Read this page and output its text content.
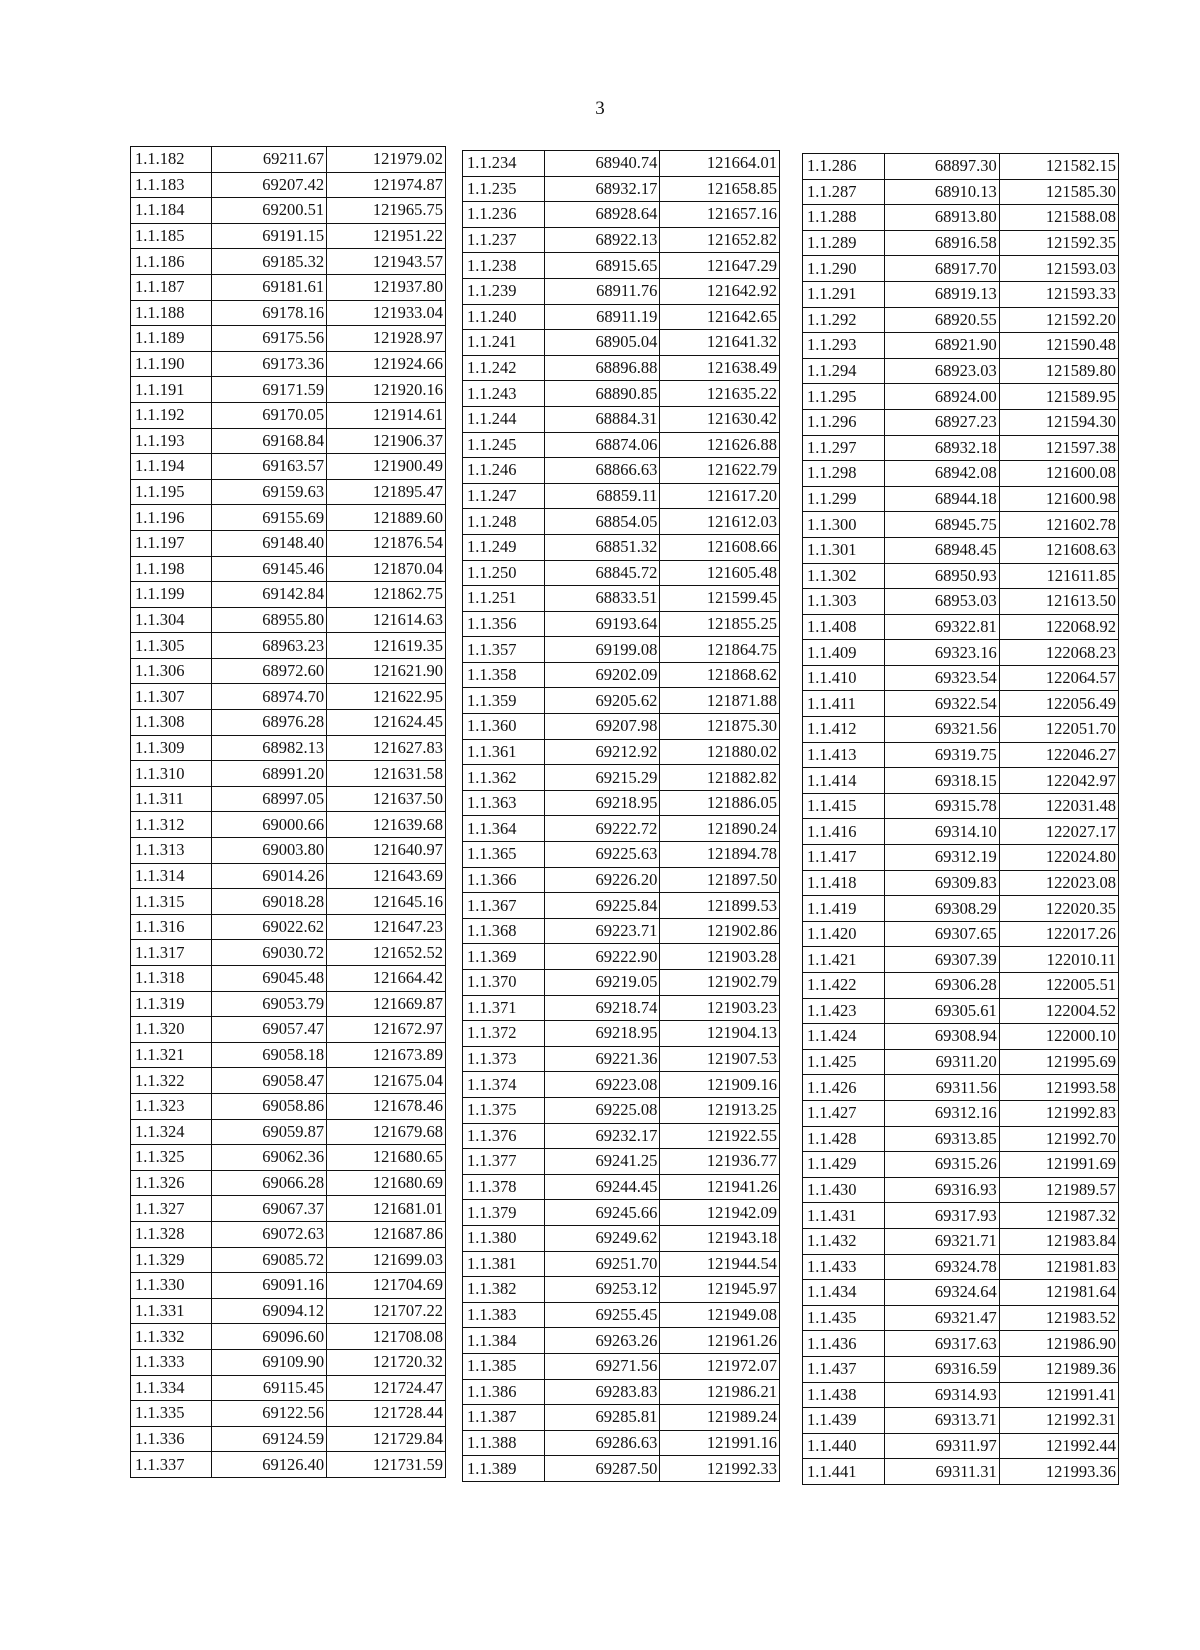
3
1.1.182	69211.67	121979.02
1.1.183	69207.42	121974.87
1.1.184	69200.51	121965.75
1.1.185	69191.15	121951.22
1.1.186	69185.32	121943.57
1.1.187	69181.61	121937.80
1.1.188	69178.16	121933.04
1.1.189	69175.56	121928.97
1.1.190	69173.36	121924.66
1.1.191	69171.59	121920.16
1.1.192	69170.05	121914.61
1.1.193	69168.84	121906.37
1.1.194	69163.57	121900.49
1.1.195	69159.63	121895.47
1.1.196	69155.69	121889.60
1.1.197	69148.40	121876.54
1.1.198	69145.46	121870.04
1.1.199	69142.84	121862.75
1.1.304	68955.80	121614.63
1.1.305	68963.23	121619.35
1.1.306	68972.60	121621.90
1.1.307	68974.70	121622.95
1.1.308	68976.28	121624.45
1.1.309	68982.13	121627.83
1.1.310	68991.20	121631.58
1.1.311	68997.05	121637.50
1.1.312	69000.66	121639.68
1.1.313	69003.80	121640.97
1.1.314	69014.26	121643.69
1.1.315	69018.28	121645.16
1.1.316	69022.62	121647.23
1.1.317	69030.72	121652.52
1.1.318	69045.48	121664.42
1.1.319	69053.79	121669.87
1.1.320	69057.47	121672.97
1.1.321	69058.18	121673.89
1.1.322	69058.47	121675.04
1.1.323	69058.86	121678.46
1.1.324	69059.87	121679.68
1.1.325	69062.36	121680.65
1.1.326	69066.28	121680.69
1.1.327	69067.37	121681.01
1.1.328	69072.63	121687.86
1.1.329	69085.72	121699.03
1.1.330	69091.16	121704.69
1.1.331	69094.12	121707.22
1.1.332	69096.60	121708.08
1.1.333	69109.90	121720.32
1.1.334	69115.45	121724.47
1.1.335	69122.56	121728.44
1.1.336	69124.59	121729.84
1.1.337	69126.40	121731.59
1.1.234	68940.74	121664.01
1.1.235	68932.17	121658.85
1.1.236	68928.64	121657.16
1.1.237	68922.13	121652.82
1.1.238	68915.65	121647.29
1.1.239	68911.76	121642.92
1.1.240	68911.19	121642.65
1.1.241	68905.04	121641.32
1.1.242	68896.88	121638.49
1.1.243	68890.85	121635.22
1.1.244	68884.31	121630.42
1.1.245	68874.06	121626.88
1.1.246	68866.63	121622.79
1.1.247	68859.11	121617.20
1.1.248	68854.05	121612.03
1.1.249	68851.32	121608.66
1.1.250	68845.72	121605.48
1.1.251	68833.51	121599.45
1.1.356	69193.64	121855.25
1.1.357	69199.08	121864.75
1.1.358	69202.09	121868.62
1.1.359	69205.62	121871.88
1.1.360	69207.98	121875.30
1.1.361	69212.92	121880.02
1.1.362	69215.29	121882.82
1.1.363	69218.95	121886.05
1.1.364	69222.72	121890.24
1.1.365	69225.63	121894.78
1.1.366	69226.20	121897.50
1.1.367	69225.84	121899.53
1.1.368	69223.71	121902.86
1.1.369	69222.90	121903.28
1.1.370	69219.05	121902.79
1.1.371	69218.74	121903.23
1.1.372	69218.95	121904.13
1.1.373	69221.36	121907.53
1.1.374	69223.08	121909.16
1.1.375	69225.08	121913.25
1.1.376	69232.17	121922.55
1.1.377	69241.25	121936.77
1.1.378	69244.45	121941.26
1.1.379	69245.66	121942.09
1.1.380	69249.62	121943.18
1.1.381	69251.70	121944.54
1.1.382	69253.12	121945.97
1.1.383	69255.45	121949.08
1.1.384	69263.26	121961.26
1.1.385	69271.56	121972.07
1.1.386	69283.83	121986.21
1.1.387	69285.81	121989.24
1.1.388	69286.63	121991.16
1.1.389	69287.50	121992.33
1.1.286	68897.30	121582.15
1.1.287	68910.13	121585.30
1.1.288	68913.80	121588.08
1.1.289	68916.58	121592.35
1.1.290	68917.70	121593.03
1.1.291	68919.13	121593.33
1.1.292	68920.55	121592.20
1.1.293	68921.90	121590.48
1.1.294	68923.03	121589.80
1.1.295	68924.00	121589.95
1.1.296	68927.23	121594.30
1.1.297	68932.18	121597.38
1.1.298	68942.08	121600.08
1.1.299	68944.18	121600.98
1.1.300	68945.75	121602.78
1.1.301	68948.45	121608.63
1.1.302	68950.93	121611.85
1.1.303	68953.03	121613.50
1.1.408	69322.81	122068.92
1.1.409	69323.16	122068.23
1.1.410	69323.54	122064.57
1.1.411	69322.54	122056.49
1.1.412	69321.56	122051.70
1.1.413	69319.75	122046.27
1.1.414	69318.15	122042.97
1.1.415	69315.78	122031.48
1.1.416	69314.10	122027.17
1.1.417	69312.19	122024.80
1.1.418	69309.83	122023.08
1.1.419	69308.29	122020.35
1.1.420	69307.65	122017.26
1.1.421	69307.39	122010.11
1.1.422	69306.28	122005.51
1.1.423	69305.61	122004.52
1.1.424	69308.94	122000.10
1.1.425	69311.20	121995.69
1.1.426	69311.56	121993.58
1.1.427	69312.16	121992.83
1.1.428	69313.85	121992.70
1.1.429	69315.26	121991.69
1.1.430	69316.93	121989.57
1.1.431	69317.93	121987.32
1.1.432	69321.71	121983.84
1.1.433	69324.78	121981.83
1.1.434	69324.64	121981.64
1.1.435	69321.47	121983.52
1.1.436	69317.63	121986.90
1.1.437	69316.59	121989.36
1.1.438	69314.93	121991.41
1.1.439	69313.71	121992.31
1.1.440	69311.97	121992.44
1.1.441	69311.31	121993.36
